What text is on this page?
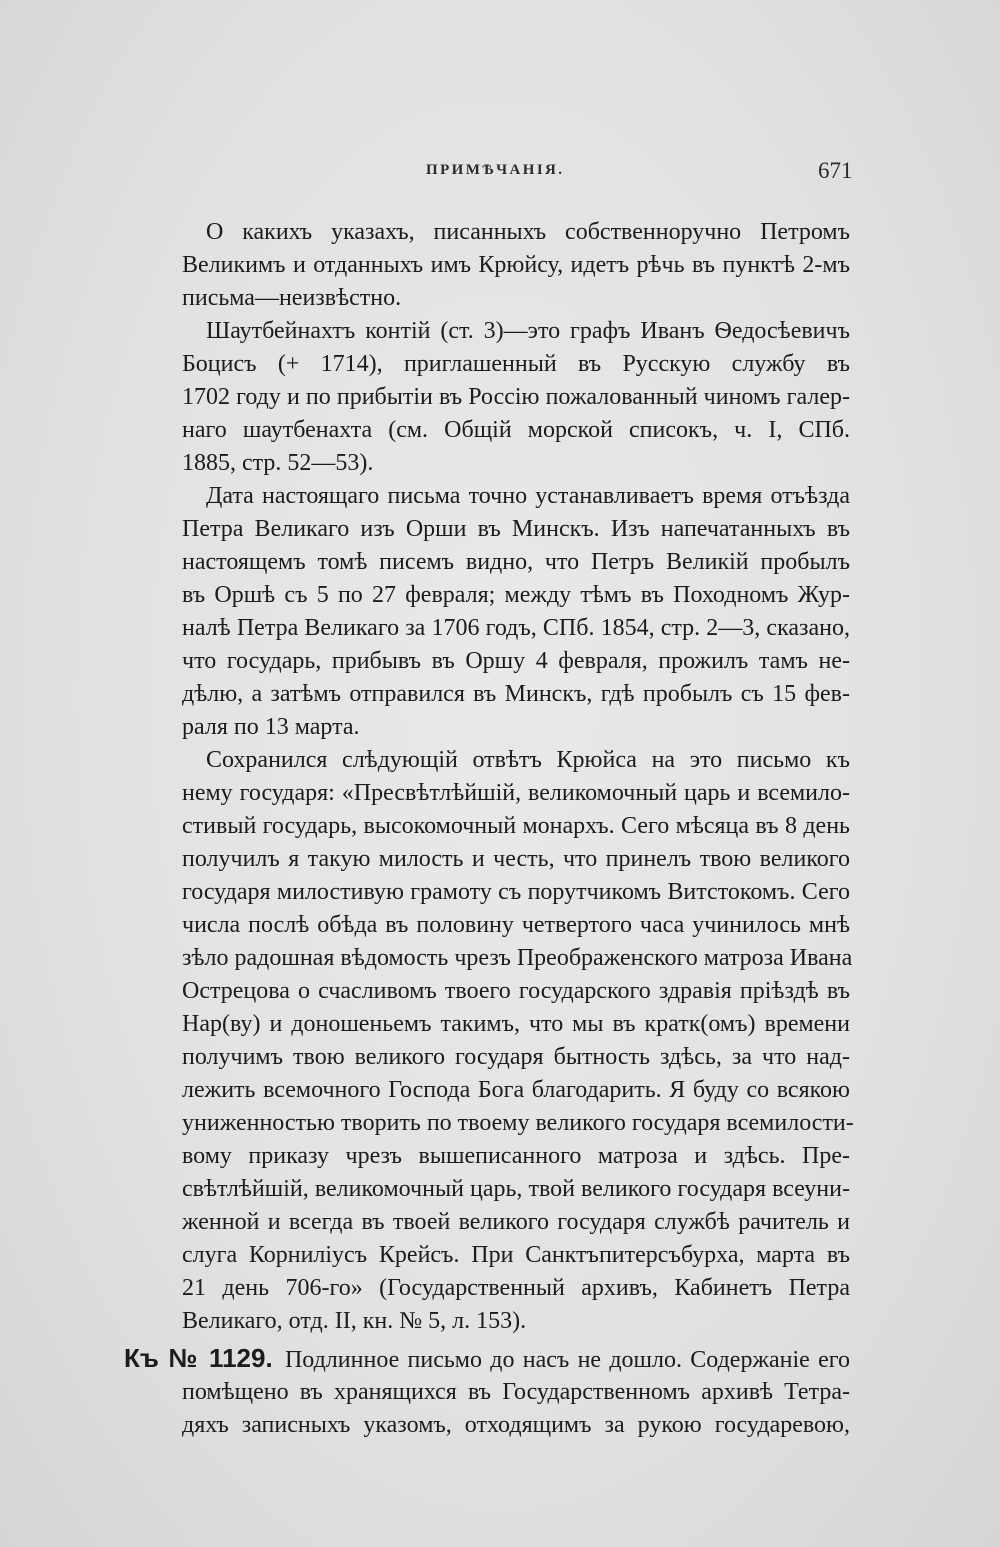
ПРИМѢЧАНІЯ.	671
О какихъ указахъ, писанныхъ собственноручно Петромъ
Великимъ и отданныхъ имъ Крюйсу, идетъ рѣчь въ пунктѣ 2-мъ
письма—неизвѣстно.
Шаутбейнахтъ контій (ст. 3)—это графъ Иванъ Ѳедосѣевичъ
Боцисъ (+ 1714), приглашенный въ Русскую службу въ
1702 году и по прибытіи въ Россію пожалованный чиномъ галер-
наго шаутбенахта (см. Общій морской списокъ, ч. I, СПб.
1885, стр. 52—53).
Дата настоящаго письма точно устанавливаетъ время отъѣзда
Петра Великаго изъ Орши въ Минскъ. Изъ напечатанныхъ въ
настоящемъ томѣ писемъ видно, что Петръ Великій пробылъ
въ Оршѣ съ 5 по 27 февраля; между тѣмъ въ Походномъ Жур-
налѣ Петра Великаго за 1706 годъ, СПб. 1854, стр. 2—3, сказано,
что государь, прибывъ въ Оршу 4 февраля, прожилъ тамъ не-
дѣлю, а затѣмъ отправился въ Минскъ, гдѣ пробылъ съ 15 фев-
раля по 13 марта.
Сохранился слѣдующій отвѣтъ Крюйса на это письмо къ
нему государя: «Пресвѣтлѣйшій, великомочный царь и всемило-
стивый государь, высокомочный монархъ. Сего мѣсяца въ 8 день
получилъ я такую милость и честь, что принелъ твою великого
государя милостивую грамоту съ порутчикомъ Витстокомъ. Сего
числа послѣ обѣда въ половину четвертого часа учинилось мнѣ
зѣло радошная вѣдомость чрезъ Преображенского матроза Ивана
Острецова о счасливомъ твоего государского здравія пріѣздѣ въ
Нар(ву) и доношеньемъ такимъ, что мы въ кратк(омъ) времени
получимъ твою великого государя бытность здѣсь, за что над-
лежить всемочного Господа Бога благодарить. Я буду со всякою
униженностью творить по твоему великого государя всемилости-
вому приказу чрезъ вышеписанного матроза и здѣсь. Пре-
свѣтлѣйшій, великомочный царь, твой великого государя всеуни-
женной и всегда въ твоей великого государя службѣ рачитель и
слуга Корнилiусъ Крейсъ. При Санктъпитерсъбурха, марта въ
21 день 706-го» (Государственный архивъ, Кабинетъ Петра
Великаго, отд. II, кн. № 5, л. 153).
Къ № 1129. Подлинное письмо до насъ не дошло. Содержаніе его
помѣщено въ хранящихся въ Государственномъ архивѣ Тетра-
дяхъ записныхъ указомъ, отходящимъ за рукою государевою,
